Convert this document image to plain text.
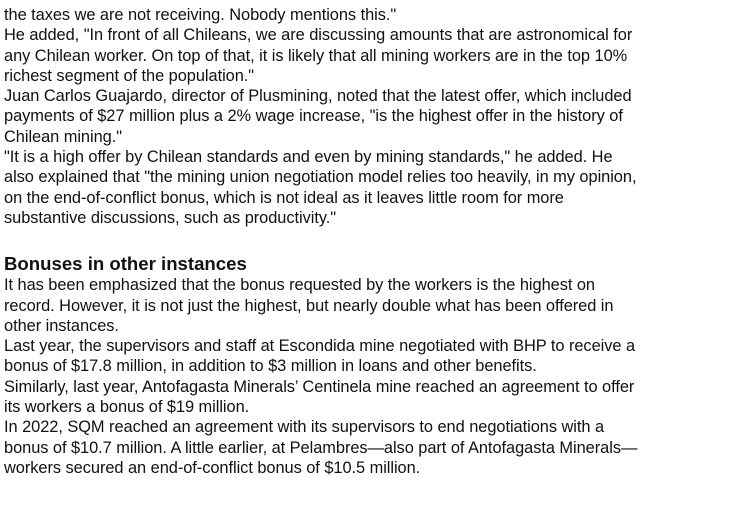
the taxes we are not receiving. Nobody mentions this."

He added, "In front of all Chileans, we are discussing amounts that are astronomical for
any Chilean worker. On top of that, it is likely that all mining workers are in the top 10%
richest segment of the population."

Juan Carlos Guajardo, director of Plusmining, noted that the latest offer, which included
payments of $27 million plus a 2% wage increase, "is the highest offer in the history of
Chilean mining."

"It is a high offer by Chilean standards and even by mining standards," he added. He
also explained that "the mining union negotiation model relies too heavily, in my opinion,
on the end-of-conflict bonus, which is not ideal as it leaves little room for more
substantive discussions, such as productivity."

Bonuses in other instances

It has been emphasized that the bonus requested by the workers is the highest on
record. However, it is not just the highest, but nearly double what has been offered in
other instances.

Last year, the supervisors and staff at Escondida mine negotiated with BHP to receive a
bonus of $17.8 million, in addition to $3 million in loans and other benefits.

Similarly, last year, Antofagasta Minerals’ Centinela mine reached an agreement to offer
its workers a bonus of $19 million.

In 2022, SQM reached an agreement with its supervisors to end negotiations with a
bonus of $10.7 million. A little earlier, at Pelambres—also part of Antofagasta Minerals—
workers secured an end-of-conflict bonus of $10.5 million.
